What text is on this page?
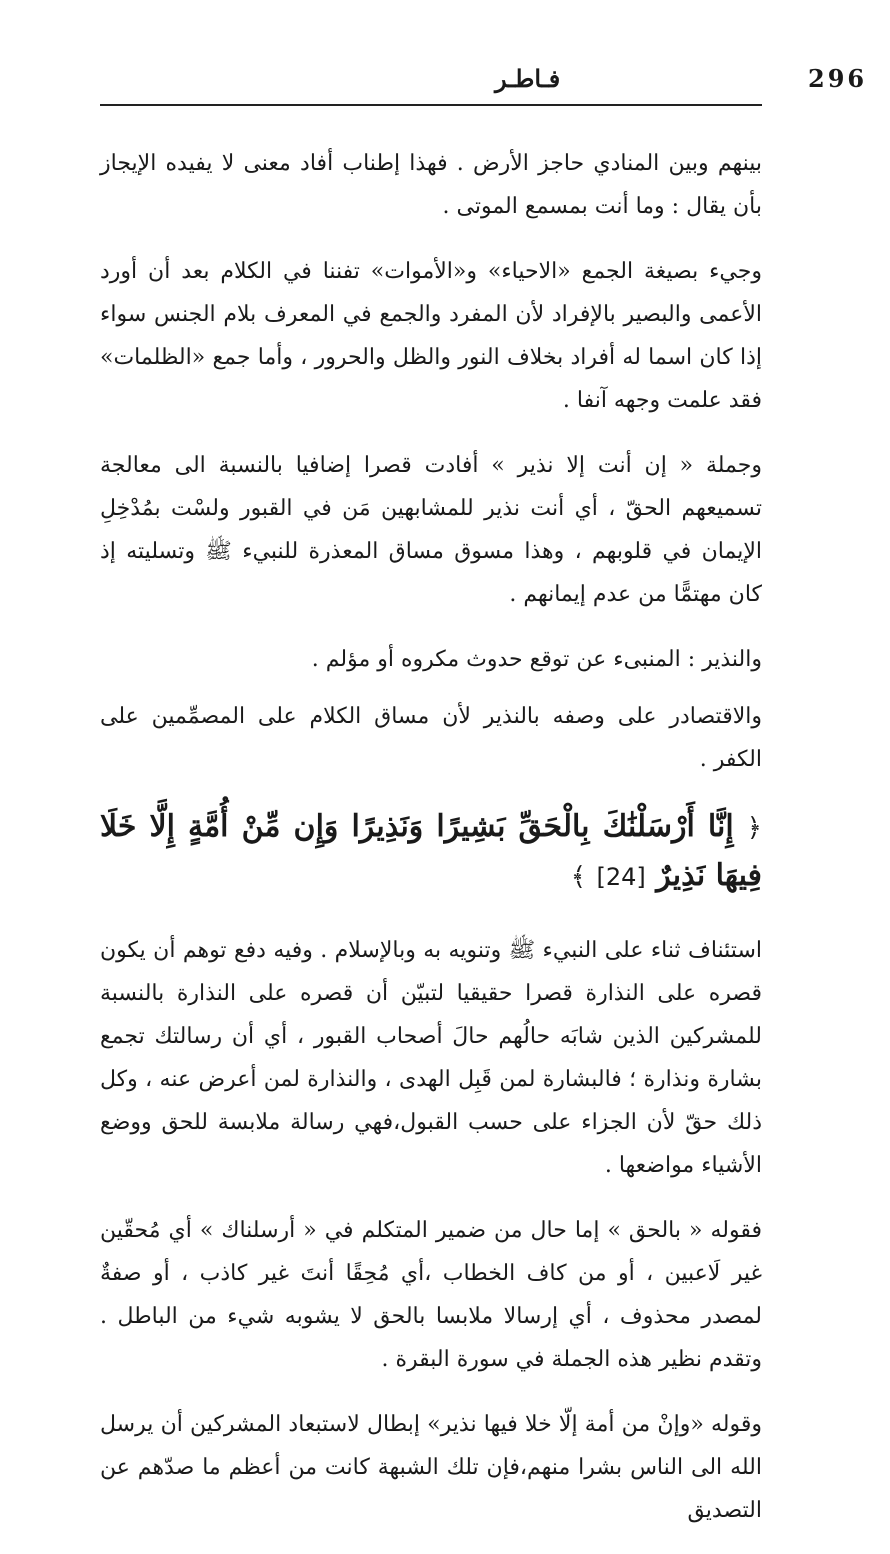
296
فـاطـر

بينهم وبين المنادي حاجز الأرض . فهذا إطناب أفاد معنى لا يفيده الإيجاز بأن يقال : وما أنت بمسمع الموتى .

وجيء بصيغة الجمع «الاحياء» و«الأموات» تفننا في الكلام بعد أن أورد الأعمى والبصير بالإفراد لأن المفرد والجمع في المعرف بلام الجنس سواء إذا كان اسما له أفراد بخلاف النور والظل والحرور ، وأما جمع «الظلمات» فقد علمت وجهه آنفا .

وجملة « إن أنت إلا نذير » أفادت قصرا إضافيا بالنسبة الى معالجة تسميعهم الحقّ ، أي أنت نذير للمشابهين مَن في القبور ولسْت بمُدْخِلِ الإيمان في قلوبهم ، وهذا مسوق مساق المعذرة للنبيء ﷺ وتسليته إذ كان مهتمًّا من عدم إيمانهم .

والنذير : المنبىء عن توقع حدوث مكروه أو مؤلم .

والاقتصادر على وصفه بالنذير لأن مساق الكلام على المصمِّمين على الكفر .

﴿ إِنَّا أَرْسَلْنَٰكَ بِالْحَقِّ بَشِيرًا وَنَذِيرًا وَإِن مِّنْ أُمَّةٍ إِلَّا خَلَا فِيهَا نَذِيرٌ [24] ﴾

استئناف ثناء على النبيء ﷺ وتنويه به وبالإسلام . وفيه دفع توهم أن يكون قصره على النذارة قصرا حقيقيا لتبيّن أن قصره على النذارة بالنسبة للمشركين الذين شابَه حالُهم حالَ أصحاب القبور ، أي أن رسالتك تجمع بشارة ونذارة ؛ فالبشارة لمن قَبِل الهدى ، والنذارة لمن أعرض عنه ، وكل ذلك حقّ لأن الجزاء على حسب القبول،فهي رسالة ملابسة للحق ووضع الأشياء مواضعها .

فقوله « بالحق » إما حال من ضمير المتكلم في « أرسلناك » أي مُحقّين غير لَاعبين ، أو من كاف الخطاب ،أي مُحِقًا أنتَ غير كاذب ، أو صفةٌ لمصدر محذوف ، أي إرسالا ملابسا بالحق لا يشوبه شيء من الباطل . وتقدم نظير هذه الجملة في سورة البقرة .

وقوله «وإنْ من أمة إلّا خلا فيها نذير» إبطال لاستبعاد المشركين أن يرسل الله الى الناس بشرا منهم،فإن تلك الشبهة كانت من أعظم ما صدّهم عن التصديق
